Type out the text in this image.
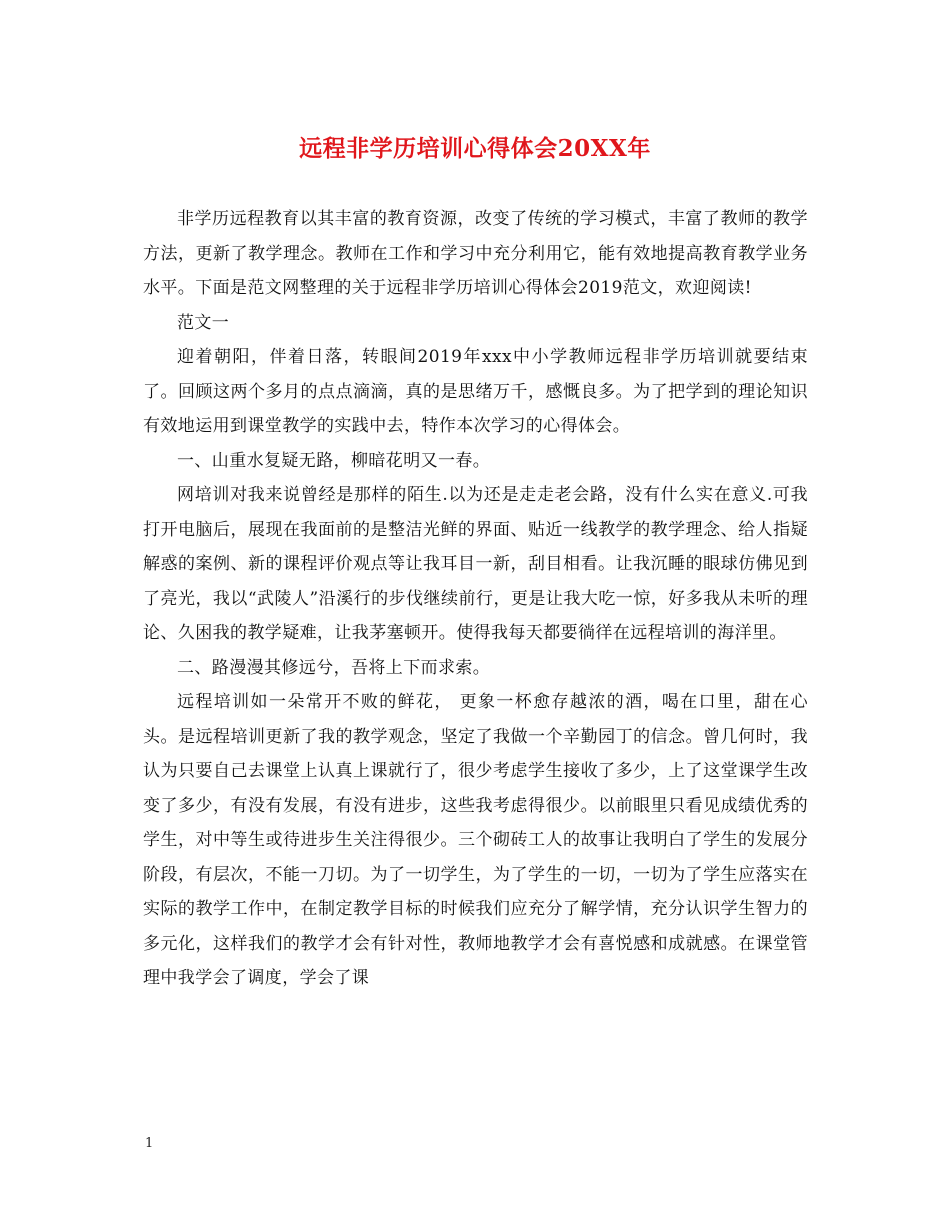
远程非学历培训心得体会20XX年

非学历远程教育以其丰富的教育资源，改变了传统的学习模式，丰富了教师的教学方法，更新了教学理念。教师在工作和学习中充分利用它，能有效地提高教育教学业务水平。下面是范文网整理的关于远程非学历培训心得体会2019范文，欢迎阅读!

范文一

迎着朝阳，伴着日落，转眼间2019年xxx中小学教师远程非学历培训就要结束了。回顾这两个多月的点点滴滴，真的是思绪万千，感慨良多。为了把学到的理论知识有效地运用到课堂教学的实践中去，特作本次学习的心得体会。

一、山重水复疑无路，柳暗花明又一春。

网培训对我来说曾经是那样的陌生.以为还是走走老会路，没有什么实在意义.可我打开电脑后，展现在我面前的是整洁光鲜的界面、贴近一线教学的教学理念、给人指疑解惑的案例、新的课程评价观点等让我耳目一新，刮目相看。让我沉睡的眼球仿佛见到了亮光，我以“武陵人”沿溪行的步伐继续前行，更是让我大吃一惊，好多我从未听的理论、久困我的教学疑难，让我茅塞顿开。使得我每天都要徜徉在远程培训的海洋里。

二、路漫漫其修远兮，吾将上下而求索。

远程培训如一朵常开不败的鲜花， 更象一杯愈存越浓的酒，喝在口里，甜在心头。是远程培训更新了我的教学观念，坚定了我做一个辛勤园丁的信念。曾几何时，我认为只要自己去课堂上认真上课就行了，很少考虑学生接收了多少，上了这堂课学生改变了多少，有没有发展，有没有进步，这些我考虑得很少。以前眼里只看见成绩优秀的学生，对中等生或待进步生关注得很少。三个砌砖工人的故事让我明白了学生的发展分阶段，有层次，不能一刀切。为了一切学生，为了学生的一切，一切为了学生应落实在实际的教学工作中，在制定教学目标的时候我们应充分了解学情，充分认识学生智力的多元化，这样我们的教学才会有针对性，教师地教学才会有喜悦感和成就感。在课堂管理中我学会了调度，学会了课

1
